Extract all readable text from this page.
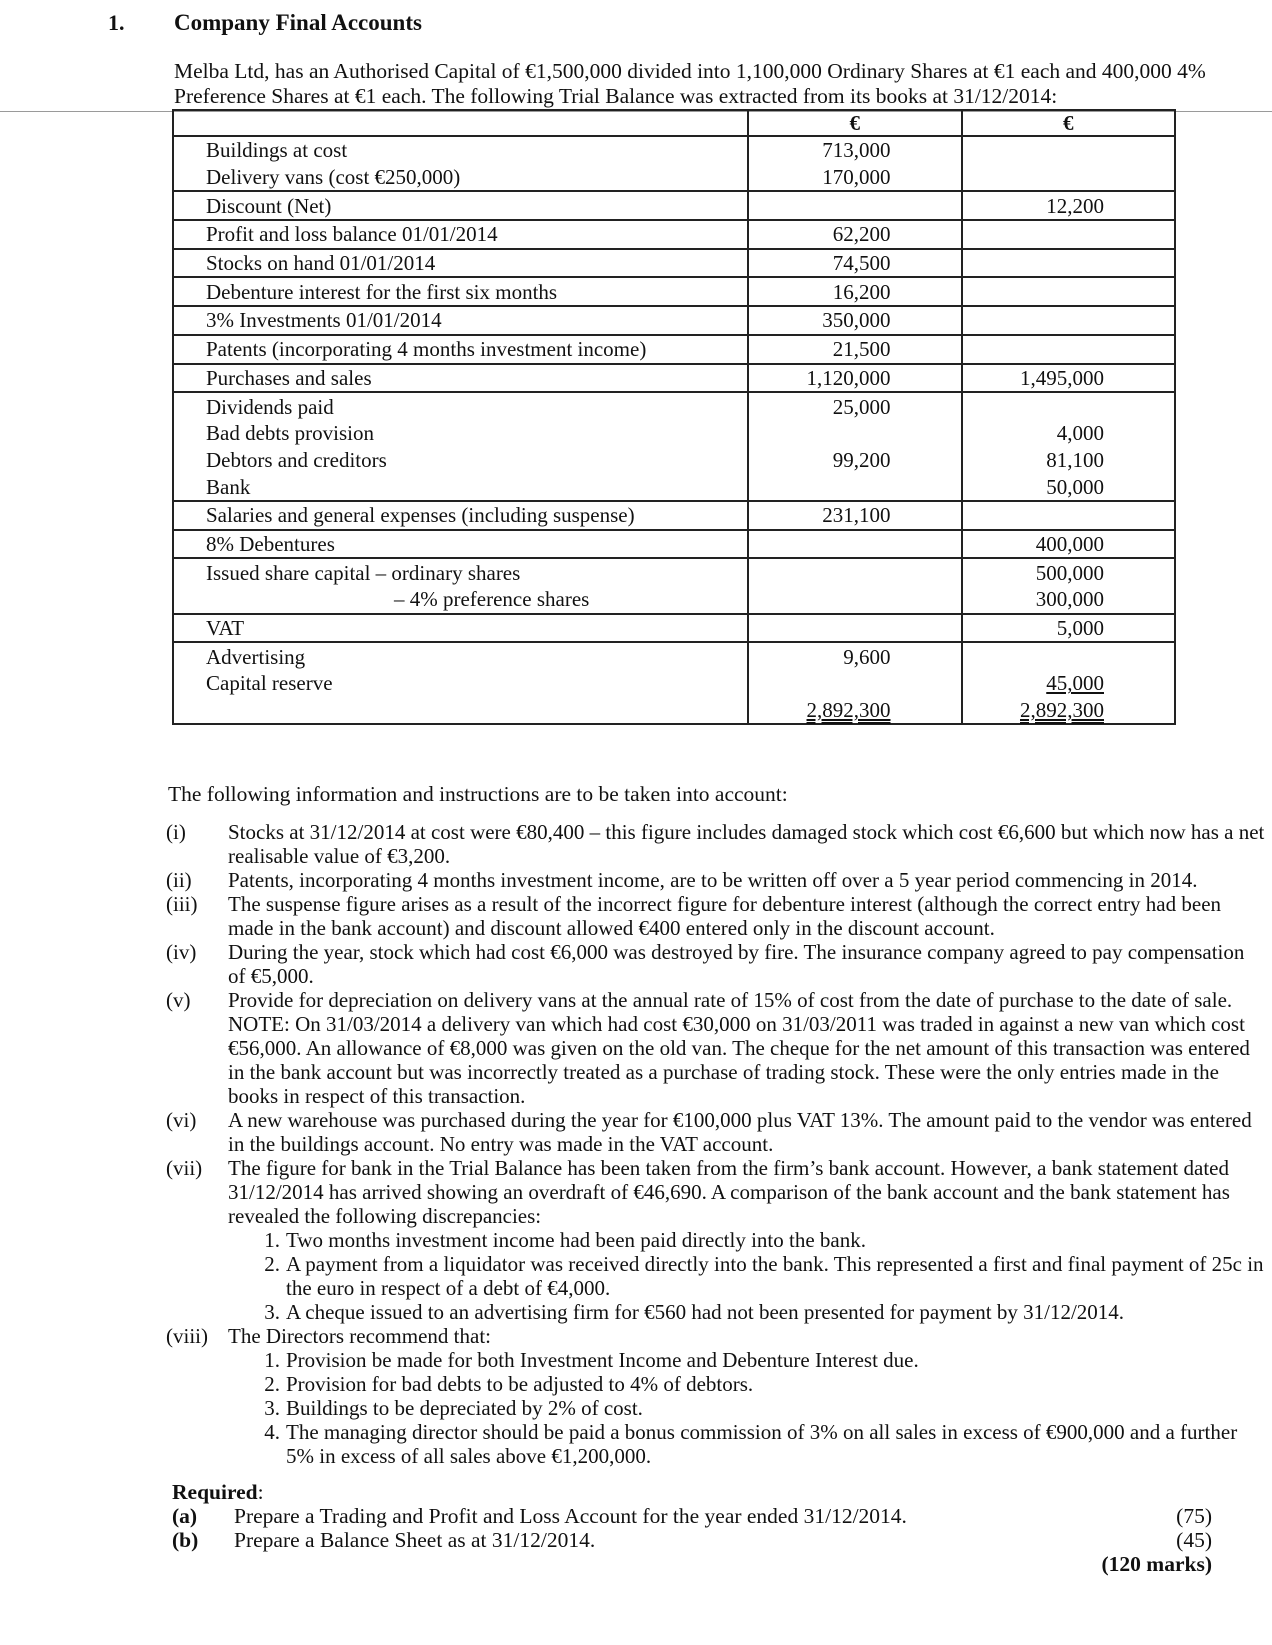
1. Company Final Accounts
Melba Ltd, has an Authorised Capital of €1,500,000 divided into 1,100,000 Ordinary Shares at €1 each and 400,000 4% Preference Shares at €1 each. The following Trial Balance was extracted from its books at 31/12/2014:
	€	€
Buildings at cost	713,000	
Delivery vans (cost €250,000)	170,000	
Discount (Net)		12,200
Profit and loss balance 01/01/2014	62,200	
Stocks on hand 01/01/2014	74,500	
Debenture interest for the first six months	16,200	
3% Investments 01/01/2014	350,000	
Patents (incorporating 4 months investment income)	21,500	
Purchases and sales	1,120,000	1,495,000
Dividends paid	25,000	
Bad debts provision		4,000
Debtors and creditors	99,200	81,100
Bank		50,000
Salaries and general expenses (including suspense)	231,100	
8% Debentures		400,000
Issued share capital – ordinary shares		500,000
– 4% preference shares		300,000
VAT		5,000
Advertising	9,600	
Capital reserve		45,000
	2,892,300	2,892,300
The following information and instructions are to be taken into account:
(i)	Stocks at 31/12/2014 at cost were €80,400 – this figure includes damaged stock which cost €6,600 but which now has a net realisable value of €3,200.
(ii)	Patents, incorporating 4 months investment income, are to be written off over a 5 year period commencing in 2014.
(iii)	The suspense figure arises as a result of the incorrect figure for debenture interest (although the correct entry had been made in the bank account) and discount allowed €400 entered only in the discount account.
(iv)	During the year, stock which had cost €6,000 was destroyed by fire. The insurance company agreed to pay compensation of €5,000.
(v)	Provide for depreciation on delivery vans at the annual rate of 15% of cost from the date of purchase to the date of sale. NOTE: On 31/03/2014 a delivery van which had cost €30,000 on 31/03/2011 was traded in against a new van which cost €56,000. An allowance of €8,000 was given on the old van. The cheque for the net amount of this transaction was entered in the bank account but was incorrectly treated as a purchase of trading stock. These were the only entries made in the books in respect of this transaction.
(vi)	A new warehouse was purchased during the year for €100,000 plus VAT 13%. The amount paid to the vendor was entered in the buildings account. No entry was made in the VAT account.
(vii)	The figure for bank in the Trial Balance has been taken from the firm’s bank account. However, a bank statement dated 31/12/2014 has arrived showing an overdraft of €46,690. A comparison of the bank account and the bank statement has revealed the following discrepancies:
1. Two months investment income had been paid directly into the bank.
2. A payment from a liquidator was received directly into the bank. This represented a first and final payment of 25c in the euro in respect of a debt of €4,000.
3. A cheque issued to an advertising firm for €560 had not been presented for payment by 31/12/2014.
(viii) The Directors recommend that:
1. Provision be made for both Investment Income and Debenture Interest due.
2. Provision for bad debts to be adjusted to 4% of debtors.
3. Buildings to be depreciated by 2% of cost.
4. The managing director should be paid a bonus commission of 3% on all sales in excess of €900,000 and a further 5% in excess of all sales above €1,200,000.
Required:
(a)	Prepare a Trading and Profit and Loss Account for the year ended 31/12/2014.	(75)
(b)	Prepare a Balance Sheet as at 31/12/2014.	(45)
(120 marks)
